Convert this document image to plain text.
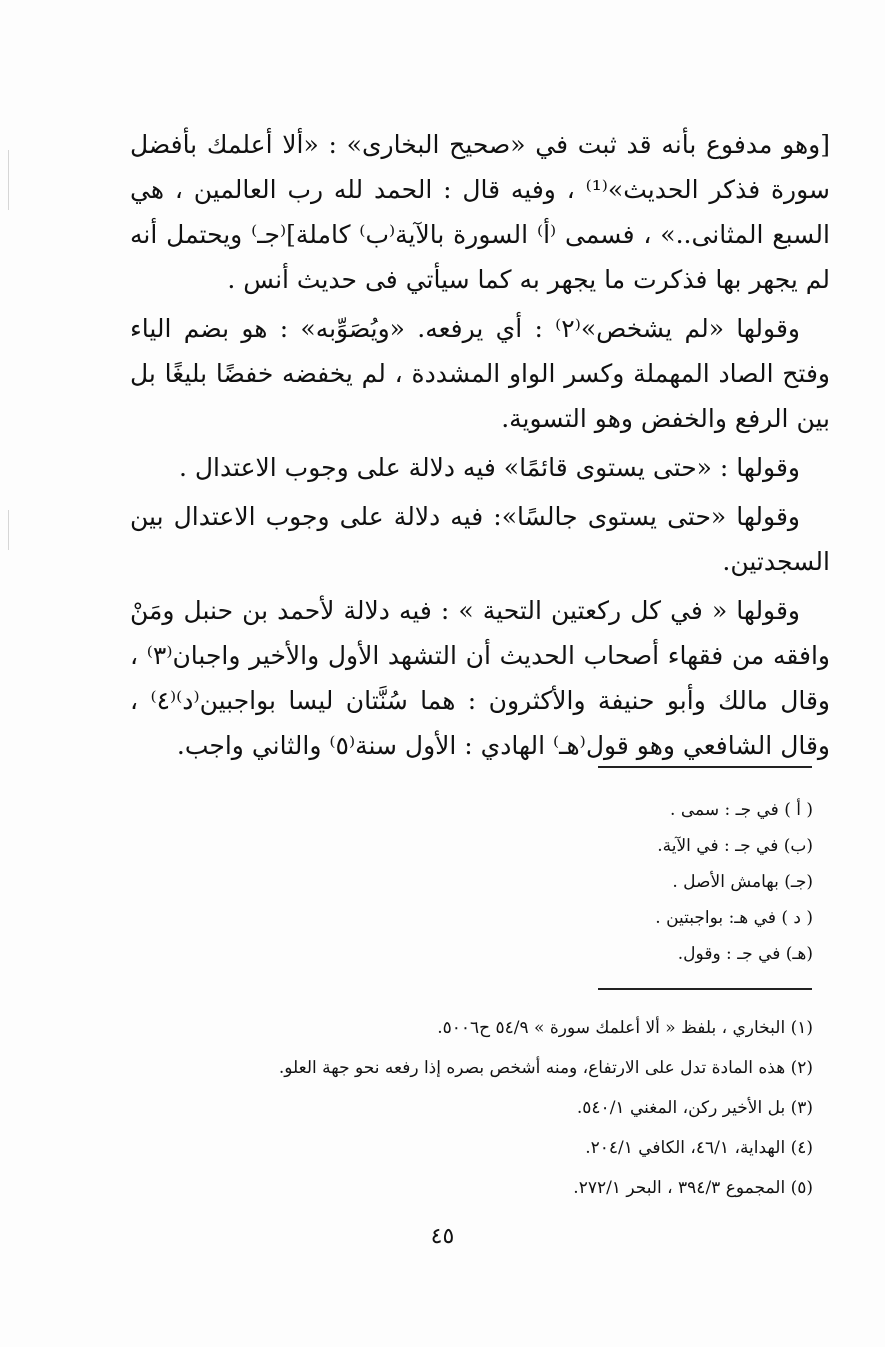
[وهو مدفوع بأنه قد ثبت في «صحيح البخارى» : «ألا أعلمك بأفضل سورة فذكر الحديث»⁽¹⁾ ، وفيه قال : الحمد لله رب العالمين ، هي السبع المثانى..» ، فسمى ⁽أ⁾ السورة بالآية⁽ب⁾ كاملة]⁽جـ⁾ ويحتمل أنه لم يجهر بها فذكرت ما يجهر به كما سيأتي فى حديث أنس .

وقولها «لم يشخص»⁽٢⁾ : أي يرفعه. «ويُصَوِّبه» : هو بضم الياء وفتح الصاد المهملة وكسر الواو المشددة ، لم يخفضه خفضًا بليغًا بل بين الرفع والخفض وهو التسوية.

وقولها : «حتى يستوى قائمًا» فيه دلالة على وجوب الاعتدال .

وقولها «حتى يستوى جالسًا»: فيه دلالة على وجوب الاعتدال بين السجدتين.

وقولها « في كل ركعتين التحية » : فيه دلالة لأحمد بن حنبل ومَنْ وافقه من فقهاء أصحاب الحديث أن التشهد الأول والأخير واجبان⁽٣⁾ ، وقال مالك وأبو حنيفة والأكثرون : هما سُنَّتان ليسا بواجبين⁽د⁾⁽٤⁾ ، وقال الشافعي وهو قول⁽هـ⁾ الهادي : الأول سنة⁽٥⁾ والثاني واجب.

( أ ) في جـ : سمى .
(ب) في جـ : في الآية.
(جـ) بهامش الأصل .
( د ) في هـ: بواجبتين .
(هـ) في جـ : وقول.
(١) البخاري ، بلفظ « ألا أعلمك سورة » ٥٤/٩ ح٥٠٠٦.
(٢) هذه المادة تدل على الارتفاع، ومنه أشخص بصره إذا رفعه نحو جهة العلو.
(٣) بل الأخير ركن، المغني ٥٤٠/١.
(٤) الهداية، ٤٦/١، الكافي ٢٠٤/١.
(٥) المجموع ٣٩٤/٣ ، البحر ٢٧٢/١.
٤٥
